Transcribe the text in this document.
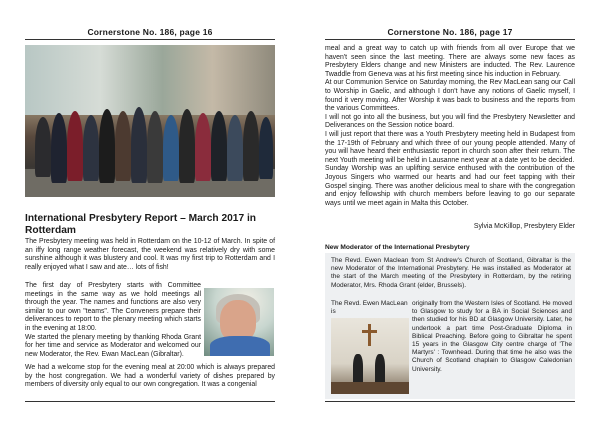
Cornerstone No. 186, page 16
International Presbytery Report – March 2017 in Rotterdam
The Presbytery meeting was held in Rotterdam on the 10-12 of March. In spite of an iffy long range weather forecast, the weekend was relatively dry with some sunshine although it was blustery and cool. It was my first trip to Rotterdam and I really enjoyed what I saw and ate… lots of fish!
The first day of Presbytery starts with Committee meetings in the same way as we hold meetings all through the year. The names and functions are also very similar to our own "teams". The Conveners prepare their deliverances to report to the plenary meeting which starts in the evening at 18:00.
We started the plenary meeting by thanking Rhoda Grant for her time and service as Moderator and welcomed our new Moderator, the Rev. Ewan MacLean (Gibraltar).
We had a welcome stop for the evening meal at 20:00 which is always prepared by the host congregation. We had a wonderful variety of dishes prepared by members of diversity only equal to our own congregation. It was a congenial
Cornerstone No. 186, page 17
meal and a great way to catch up with friends from all over Europe that we haven't seen since the last meeting. There are always some new faces as Presbytery Elders change and new Ministers are inducted. The Rev. Laurence Twaddle from Geneva was at his first meeting since his induction in February.
At our Communion Service on Saturday morning, the Rev MacLean sang our Call to Worship in Gaelic, and although I don't have any notions of Gaelic myself, I found it very moving. After Worship it was back to business and the reports from the various Committees.
I will not go into all the business, but you will find the Presbytery Newsletter and Deliverances on the Session notice board.
I will just report that there was a Youth Presbytery meeting held in Budapest from the 17-19th of February and which three of our young people attended. Many of you will have heard their enthusiastic report in church soon after their return. The next Youth meeting will be held in Lausanne next year at a date yet to be decided.
Sunday Worship was an uplifting service enthused with the contribution of the Joyous Singers who warmed our hearts and had our feet tapping with their Gospel singing. There was another delicious meal to share with the congregation and enjoy fellowship with church members before leaving to go our separate ways until we meet again in Malta this October.
Sylvia McKillop, Presbytery Elder
New Moderator of the International Presbytery
The Revd. Ewen Maclean from St Andrew's Church of Scotland, Gibraltar is the new Moderator of the International Presbytery. He was installed as Moderator at the start of the March meeting of the Presbytery in Rotterdam, by the retiring Moderator, Mrs. Rhoda Grant (elder, Brussels).
The Revd. Ewen MacLean is
originally from the Western Isles of Scotland. He moved to Glasgow to study for a BA in Social Sciences and then studied for his BD at Glasgow University. Later, he undertook a part time Post-Graduate Diploma in Biblical Preaching. Before going to Gibraltar he spent 15 years in the Glasgow City centre charge of 'The Martyrs' : Townhead. During that time he also was the Church of Scotland chaplain to Glasgow Caledonian University.
